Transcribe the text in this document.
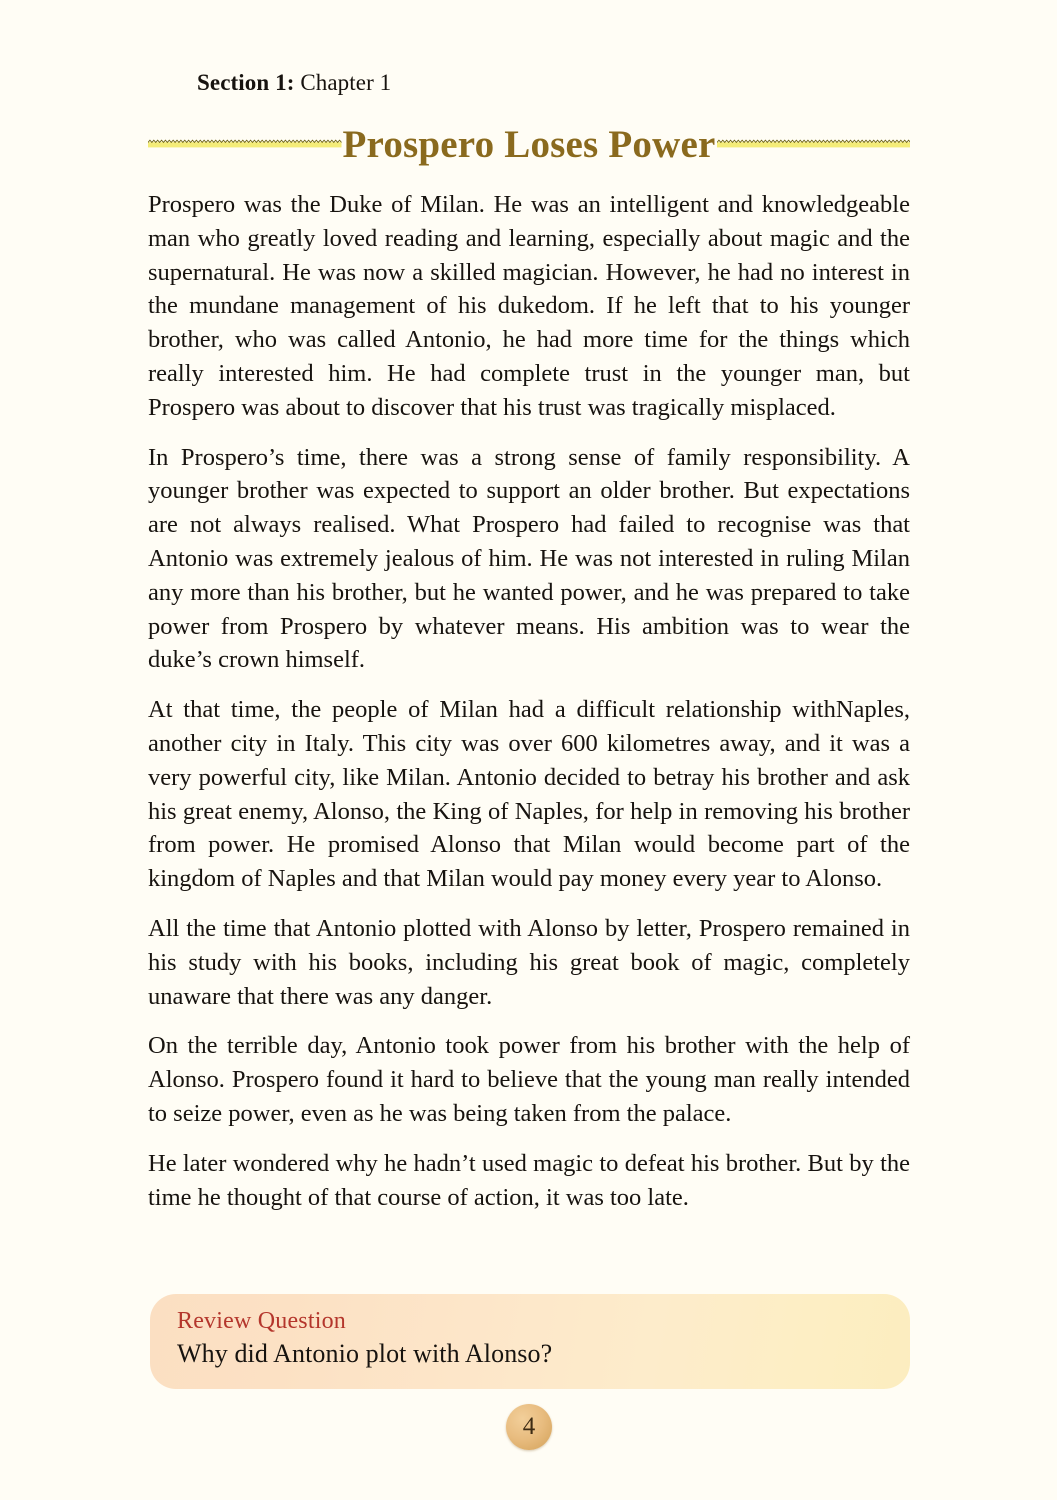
Section 1: Chapter 1
Prospero Loses Power

Prospero was the Duke of Milan. He was an intelligent and knowledgeable man who greatly loved reading and learning, especially about magic and the supernatural. He was now a skilled magician. However, he had no interest in the mundane management of his dukedom. If he left that to his younger brother, who was called Antonio, he had more time for the things which really interested him. He had complete trust in the younger man, but Prospero was about to discover that his trust was tragically misplaced.

In Prospero’s time, there was a strong sense of family responsibility. A younger brother was expected to support an older brother. But expectations are not always realised. What Prospero had failed to recognise was that Antonio was extremely jealous of him. He was not interested in ruling Milan any more than his brother, but he wanted power, and he was prepared to take power from Prospero by whatever means. His ambition was to wear the duke’s crown himself.

At that time, the people of Milan had a difficult relationship withNaples, another city in Italy. This city was over 600 kilometres away, and it was a very powerful city, like Milan. Antonio decided to betray his brother and ask his great enemy, Alonso, the King of Naples, for help in removing his brother from power. He promised Alonso that Milan would become part of the kingdom of Naples and that Milan would pay money every year to Alonso.

All the time that Antonio plotted with Alonso by letter, Prospero remained in his study with his books, including his great book of magic, completely unaware that there was any danger.

On the terrible day, Antonio took power from his brother with the help of Alonso. Prospero found it hard to believe that the young man really intended to seize power, even as he was being taken from the palace.

He later wondered why he hadn’t used magic to defeat his brother. But by the time he thought of that course of action, it was too late.

Review Question
Why did Antonio plot with Alonso?
4
